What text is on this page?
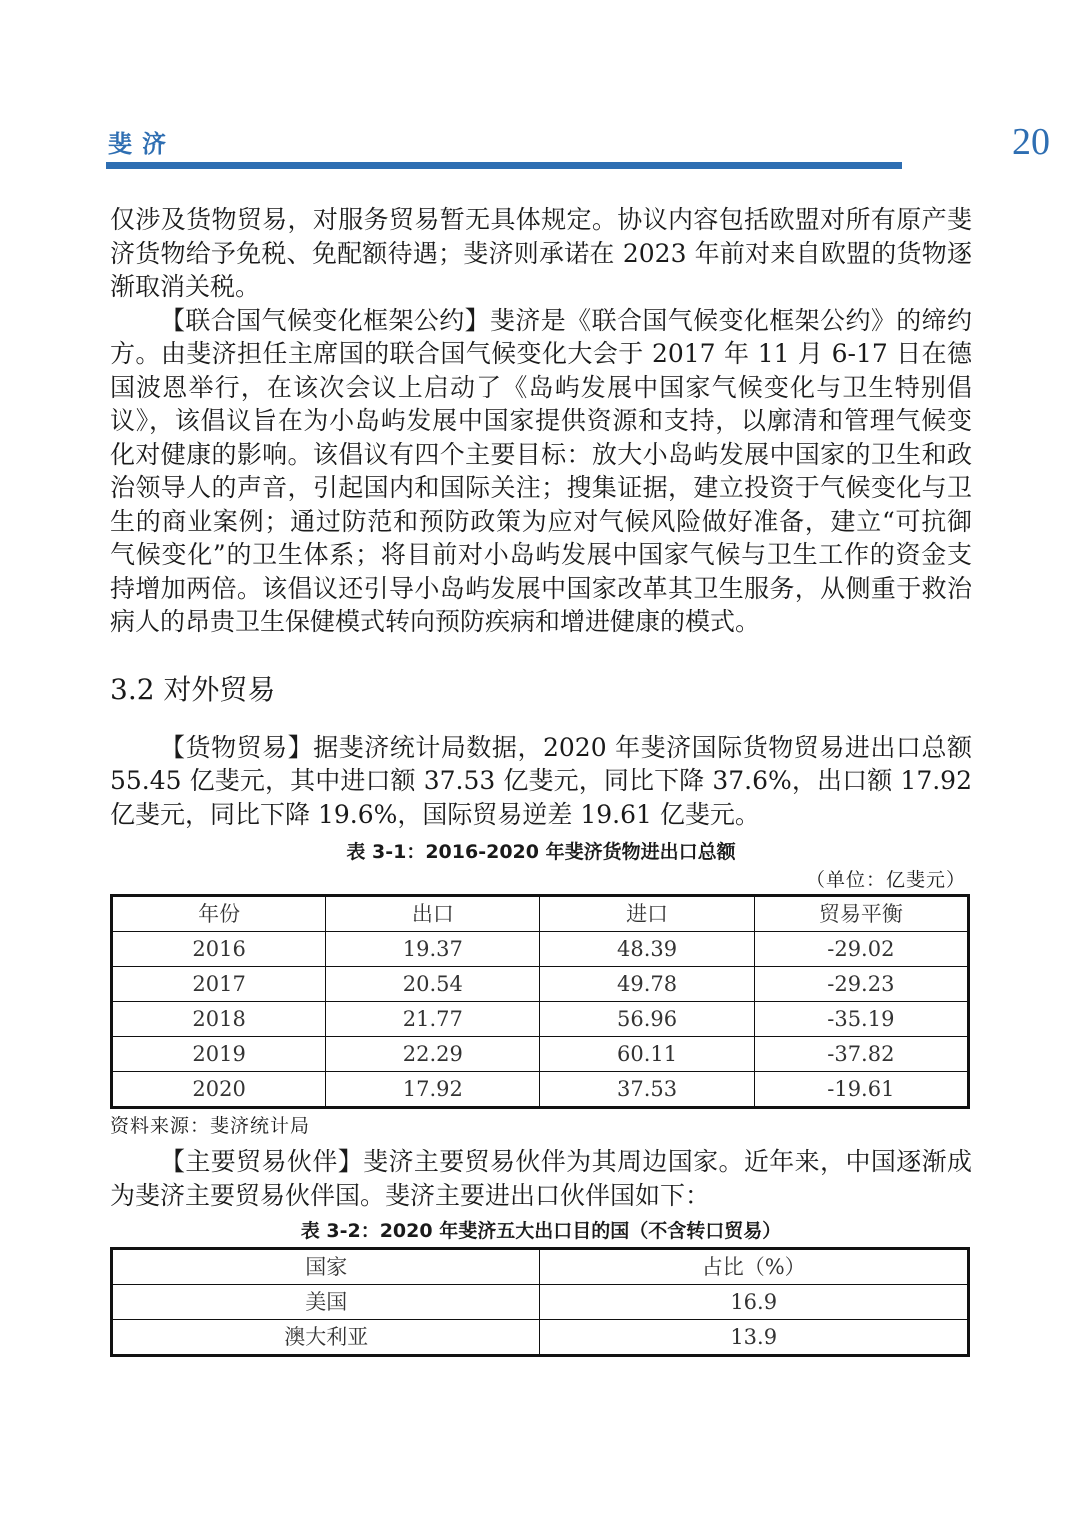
斐济	20

仅涉及货物贸易，对服务贸易暂无具体规定。协议内容包括欧盟对所有原产斐济货物给予免税、免配额待遇；斐济则承诺在 2023 年前对来自欧盟的货物逐渐取消关税。

【联合国气候变化框架公约】斐济是《联合国气候变化框架公约》的缔约方。由斐济担任主席国的联合国气候变化大会于 2017 年 11 月 6-17 日在德国波恩举行，在该次会议上启动了《岛屿发展中国家气候变化与卫生特别倡议》，该倡议旨在为小岛屿发展中国家提供资源和支持，以廓清和管理气候变化对健康的影响。该倡议有四个主要目标：放大小岛屿发展中国家的卫生和政治领导人的声音，引起国内和国际关注；搜集证据，建立投资于气候变化与卫生的商业案例；通过防范和预防政策为应对气候风险做好准备，建立“可抗御气候变化”的卫生体系；将目前对小岛屿发展中国家气候与卫生工作的资金支持增加两倍。该倡议还引导小岛屿发展中国家改革其卫生服务，从侧重于救治病人的昂贵卫生保健模式转向预防疾病和增进健康的模式。

3.2 对外贸易

【货物贸易】据斐济统计局数据，2020 年斐济国际货物贸易进出口总额 55.45 亿斐元，其中进口额 37.53 亿斐元，同比下降 37.6%，出口额 17.92 亿斐元，同比下降 19.6%，国际贸易逆差 19.61 亿斐元。

表 3-1：2016-2020 年斐济货物进出口总额

（单位：亿斐元）
年份	出口	进口	贸易平衡
2016	19.37	48.39	-29.02
2017	20.54	49.78	-29.23
2018	21.77	56.96	-35.19
2019	22.29	60.11	-37.82
2020	17.92	37.53	-19.61
资料来源：斐济统计局

【主要贸易伙伴】斐济主要贸易伙伴为其周边国家。近年来，中国逐渐成为斐济主要贸易伙伴国。斐济主要进出口伙伴国如下：

表 3-2：2020 年斐济五大出口目的国（不含转口贸易）

国家	占比（%）
美国	16.9
澳大利亚	13.9
